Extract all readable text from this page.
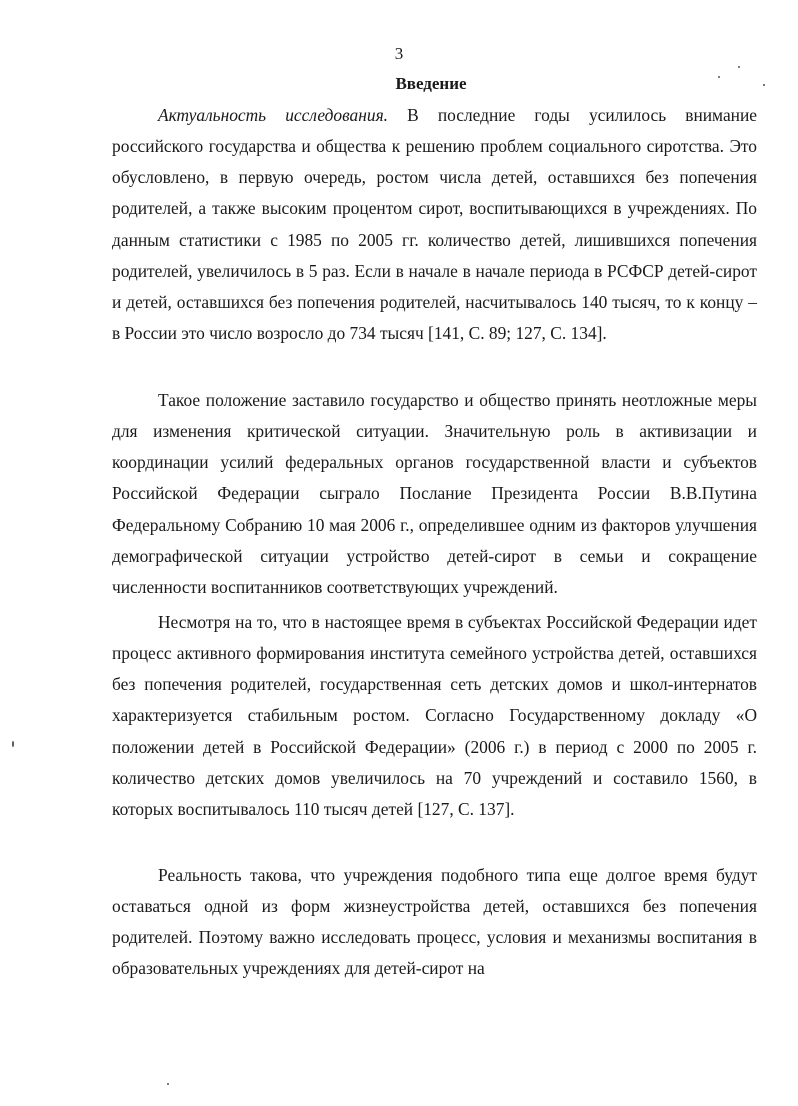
3
Введение

Актуальность исследования. В последние годы усилилось внимание российского государства и общества к решению проблем социального сиротства. Это обусловлено, в первую очередь, ростом числа детей, оставшихся без попечения родителей, а также высоким процентом сирот, воспитывающихся в учреждениях. По данным статистики с 1985 по 2005 гг. количество детей, лишившихся попечения родителей, увеличилось в 5 раз. Если в начале в начале периода в РСФСР детей-сирот и детей, оставшихся без попечения родителей, насчитывалось 140 тысяч, то к концу – в России это число возросло до 734 тысяч [141, С. 89; 127, С. 134].

Такое положение заставило государство и общество принять неотложные меры для изменения критической ситуации. Значительную роль в активизации и координации усилий федеральных органов государственной власти и субъектов Российской Федерации сыграло Послание Президента России В.В.Путина Федеральному Собранию 10 мая 2006 г., определившее одним из факторов улучшения демографической ситуации устройство детей-сирот в семьи и сокращение численности воспитанников соответствующих учреждений.

Несмотря на то, что в настоящее время в субъектах Российской Федерации идет процесс активного формирования института семейного устройства детей, оставшихся без попечения родителей, государственная сеть детских домов и школ-интернатов характеризуется стабильным ростом. Согласно Государственному докладу «О положении детей в Российской Федерации» (2006 г.) в период с 2000 по 2005 г. количество детских домов увеличилось на 70 учреждений и составило 1560, в которых воспитывалось 110 тысяч детей [127, С. 137].

Реальность такова, что учреждения подобного типа еще долгое время будут оставаться одной из форм жизнеустройства детей, оставшихся без попечения родителей. Поэтому важно исследовать процесс, условия и механизмы воспитания в образовательных учреждениях для детей-сирот на
